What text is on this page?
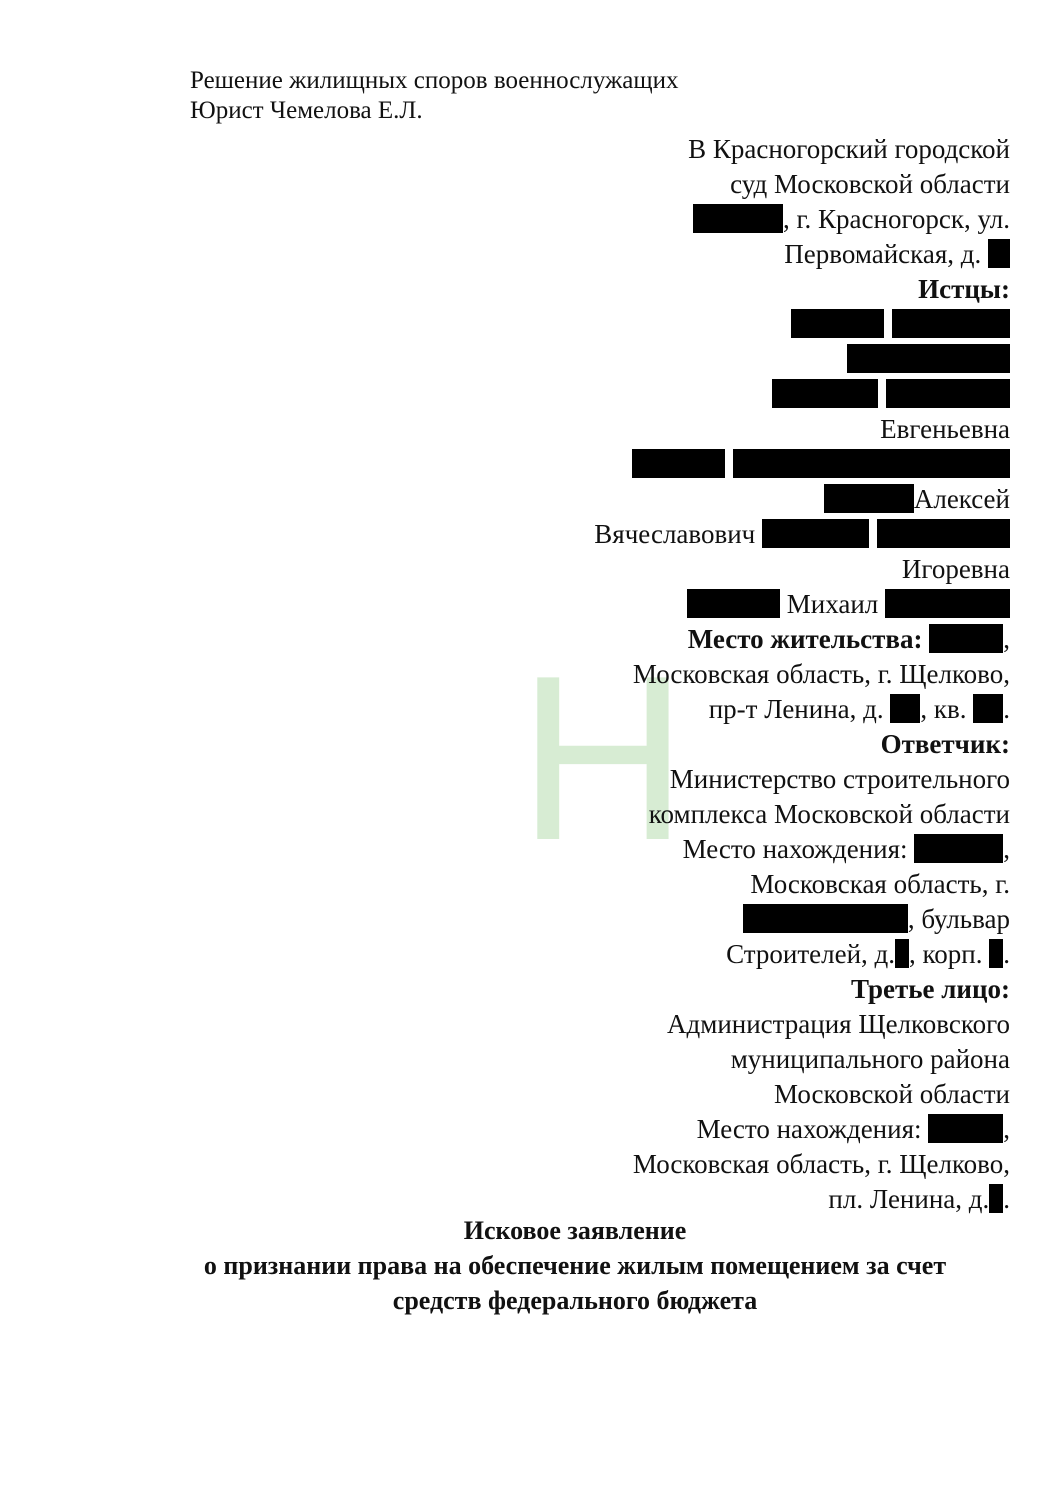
H
Решение жилищных споров военнослужащих
Юрист Чемелова Е.Л.
В Красногорский городской
суд Московской области
, г. Красногорск, ул.
Первомайская, д.
Истцы:
Евгеньевна
Алексей
Вячеславович
Игоревна
Михаил
Место жительства:	,
Московская область, г. Щелково,
пр-т Ленина, д. , кв. .
Ответчик:
Министерство строительного
комплекса Московской области
Место нахождения:	,
Московская область, г.
, бульвар
Строителей, д. , корп. .
Третье лицо:
Администрация Щелковского
муниципального района
Московской области
Место нахождения:	,
Московская область, г. Щелково,
пл. Ленина, д. .
Исковое заявление
о признании права на обеспечение жилым помещением за счет
средств федерального бюджета
